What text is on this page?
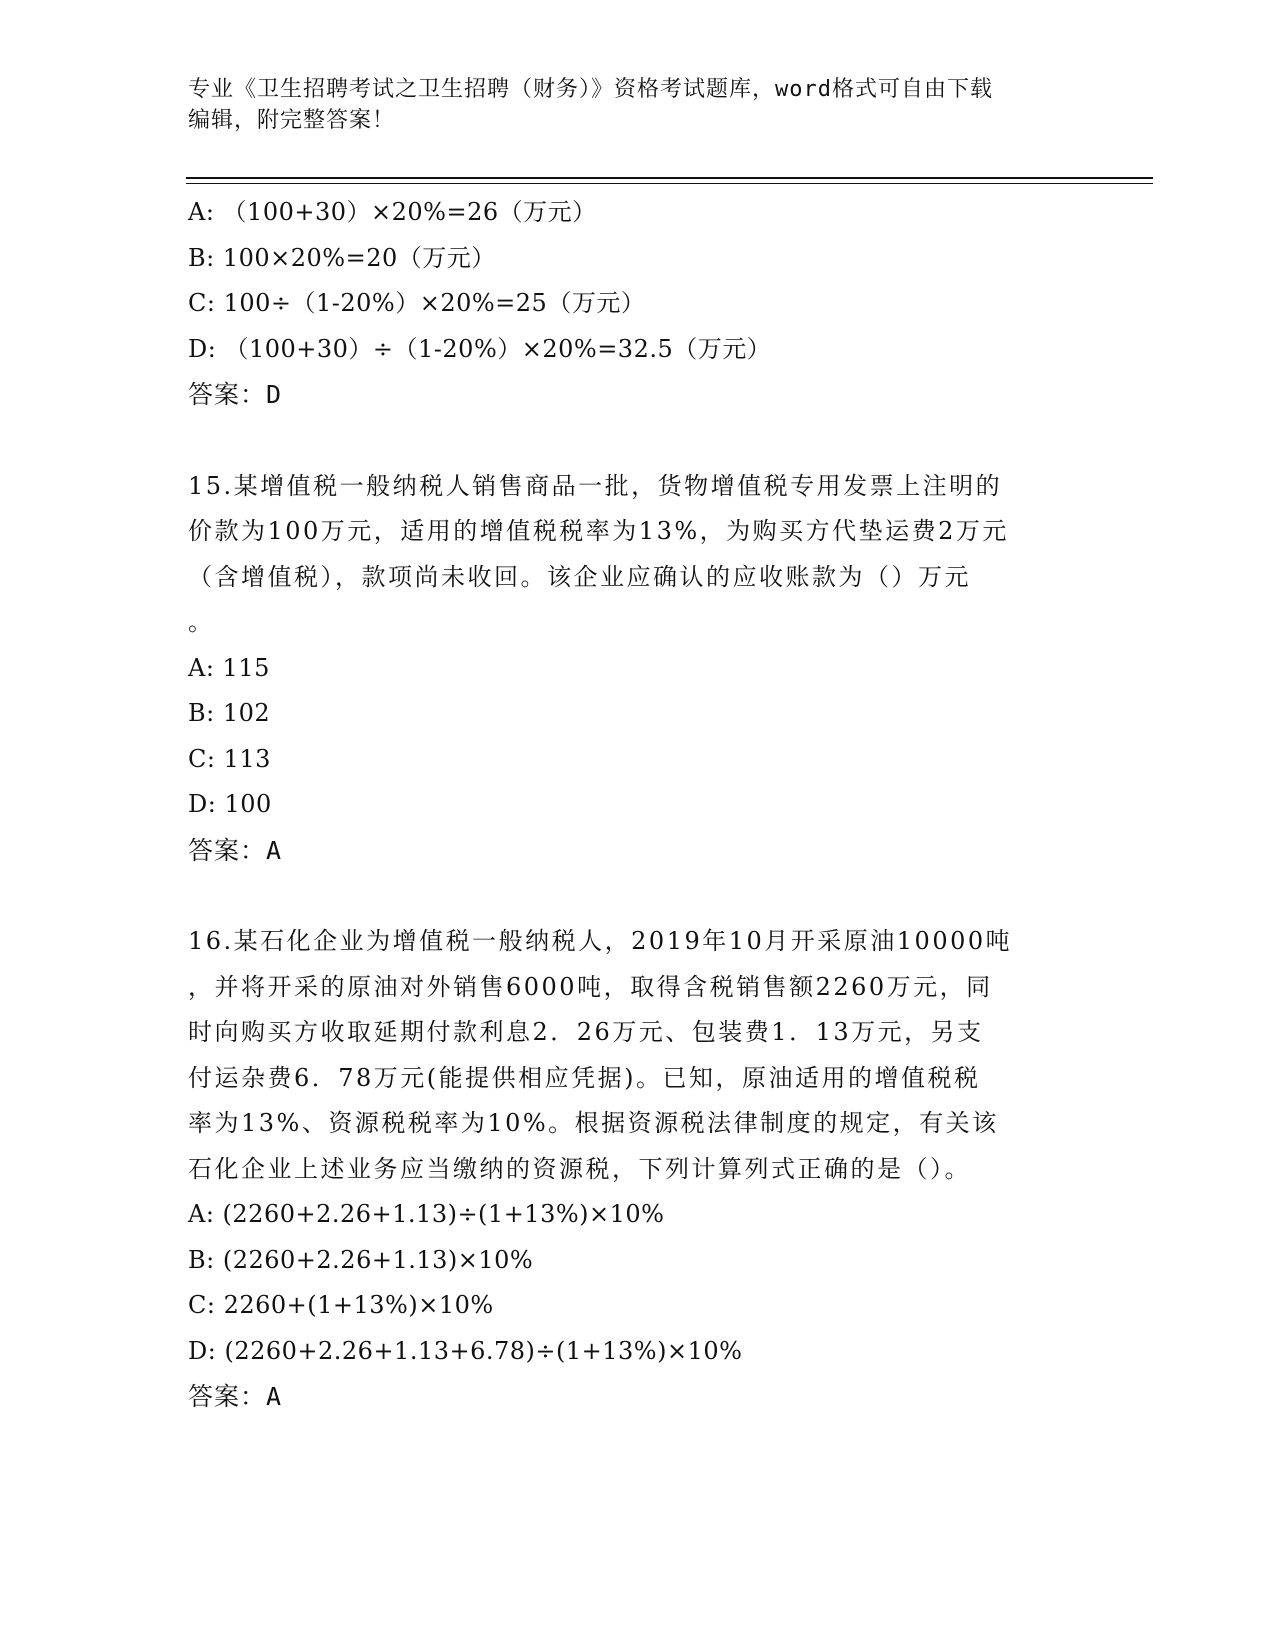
专业《卫生招聘考试之卫生招聘（财务）》资格考试题库，word格式可自由下载
编辑，附完整答案！
A: （100+30）×20%=26（万元）
B: 100×20%=20（万元）
C: 100÷（1-20%）×20%=25（万元）
D: （100+30）÷（1-20%）×20%=32.5（万元）
答案：D
15.某增值税一般纳税人销售商品一批，货物增值税专用发票上注明的
价款为100万元，适用的增值税税率为13%，为购买方代垫运费2万元
（含增值税），款项尚未收回。该企业应确认的应收账款为（）万元
。
A: 115
B: 102
C: 113
D: 100
答案：A
16.某石化企业为增值税一般纳税人，2019年10月开采原油10000吨
，并将开采的原油对外销售6000吨，取得含税销售额2260万元，同
时向购买方收取延期付款利息2．26万元、包装费1．13万元，另支
付运杂费6．78万元(能提供相应凭据)。已知，原油适用的增值税税
率为13%、资源税税率为10%。根据资源税法律制度的规定，有关该
石化企业上述业务应当缴纳的资源税，下列计算列式正确的是（）。
A: (2260+2.26+1.13)÷(1+13%)×10%
B: (2260+2.26+1.13)×10%
C: 2260+(1+13%)×10%
D: (2260+2.26+1.13+6.78)÷(1+13%)×10%
答案：A
